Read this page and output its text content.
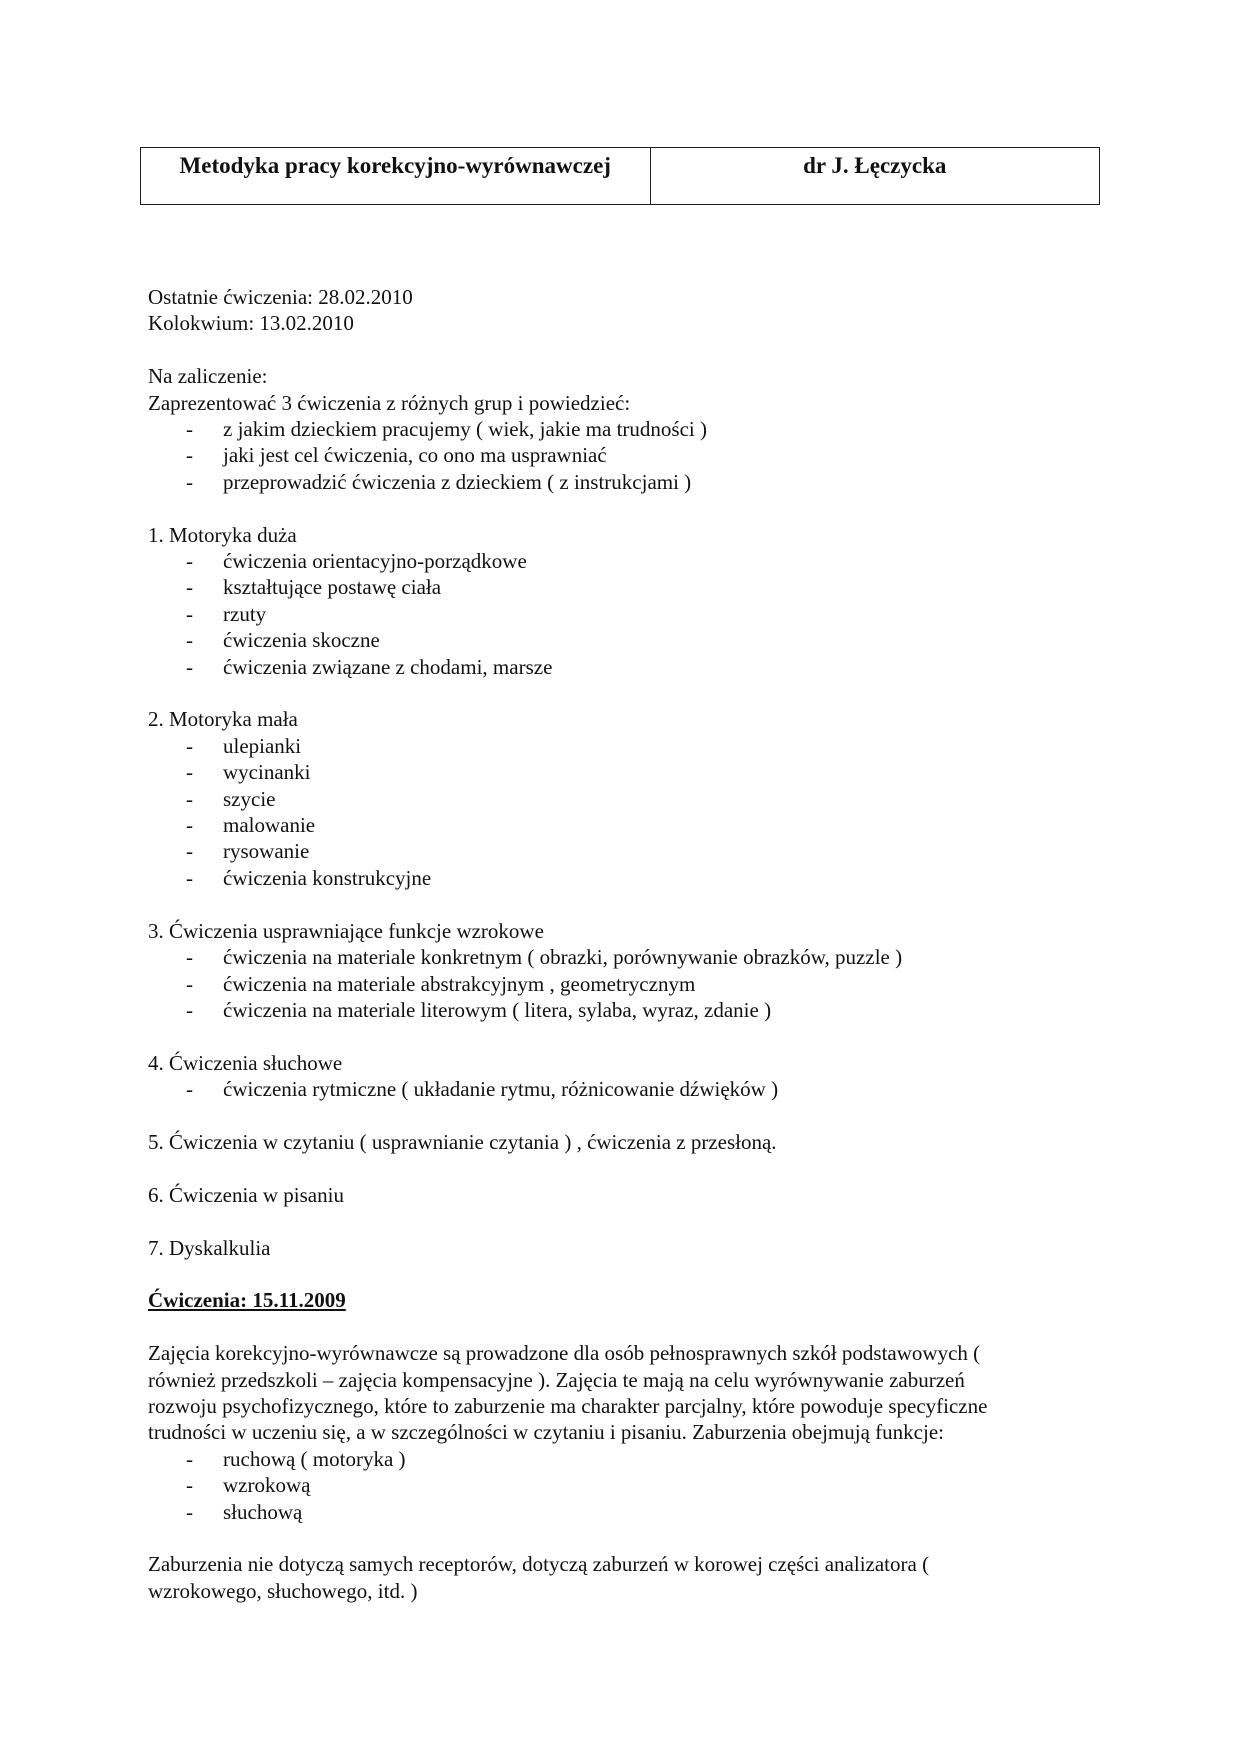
Metodyka pracy korekcyjno-wyrównawczej	dr J. Łęczycka
Ostatnie ćwiczenia: 28.02.2010
Kolokwium: 13.02.2010
Na zaliczenie:
Zaprezentować 3 ćwiczenia z różnych grup i powiedzieć:
- z jakim dzieckiem pracujemy ( wiek, jakie ma trudności )
- jaki jest cel ćwiczenia, co ono ma usprawniać
- przeprowadzić ćwiczenia z dzieckiem ( z instrukcjami )
1. Motoryka duża
- ćwiczenia orientacyjno-porządkowe
- kształtujące postawę ciała
- rzuty
- ćwiczenia skoczne
- ćwiczenia związane z chodami, marsze
2. Motoryka mała
- ulepianki
- wycinanki
- szycie
- malowanie
- rysowanie
- ćwiczenia konstrukcyjne
3. Ćwiczenia usprawniające funkcje wzrokowe
- ćwiczenia na materiale konkretnym ( obrazki, porównywanie obrazków, puzzle )
- ćwiczenia na materiale abstrakcyjnym , geometrycznym
- ćwiczenia na materiale literowym ( litera, sylaba, wyraz, zdanie )
4. Ćwiczenia słuchowe
- ćwiczenia rytmiczne ( układanie rytmu, różnicowanie dźwięków )
5. Ćwiczenia w czytaniu ( usprawnianie czytania ) , ćwiczenia z przesłoną.
6. Ćwiczenia w pisaniu
7. Dyskalkulia
Ćwiczenia: 15.11.2009
Zajęcia korekcyjno-wyrównawcze są prowadzone dla osób pełnosprawnych szkół podstawowych (
również przedszkoli – zajęcia kompensacyjne ). Zajęcia te mają na celu wyrównywanie zaburzeń
rozwoju psychofizycznego, które to zaburzenie ma charakter parcjalny, które powoduje specyficzne
trudności w uczeniu się, a w szczególności w czytaniu i pisaniu. Zaburzenia obejmują funkcje:
- ruchową ( motoryka )
- wzrokową
- słuchową
Zaburzenia nie dotyczą samych receptorów, dotyczą zaburzeń w korowej części analizatora (
wzrokowego, słuchowego, itd. )
